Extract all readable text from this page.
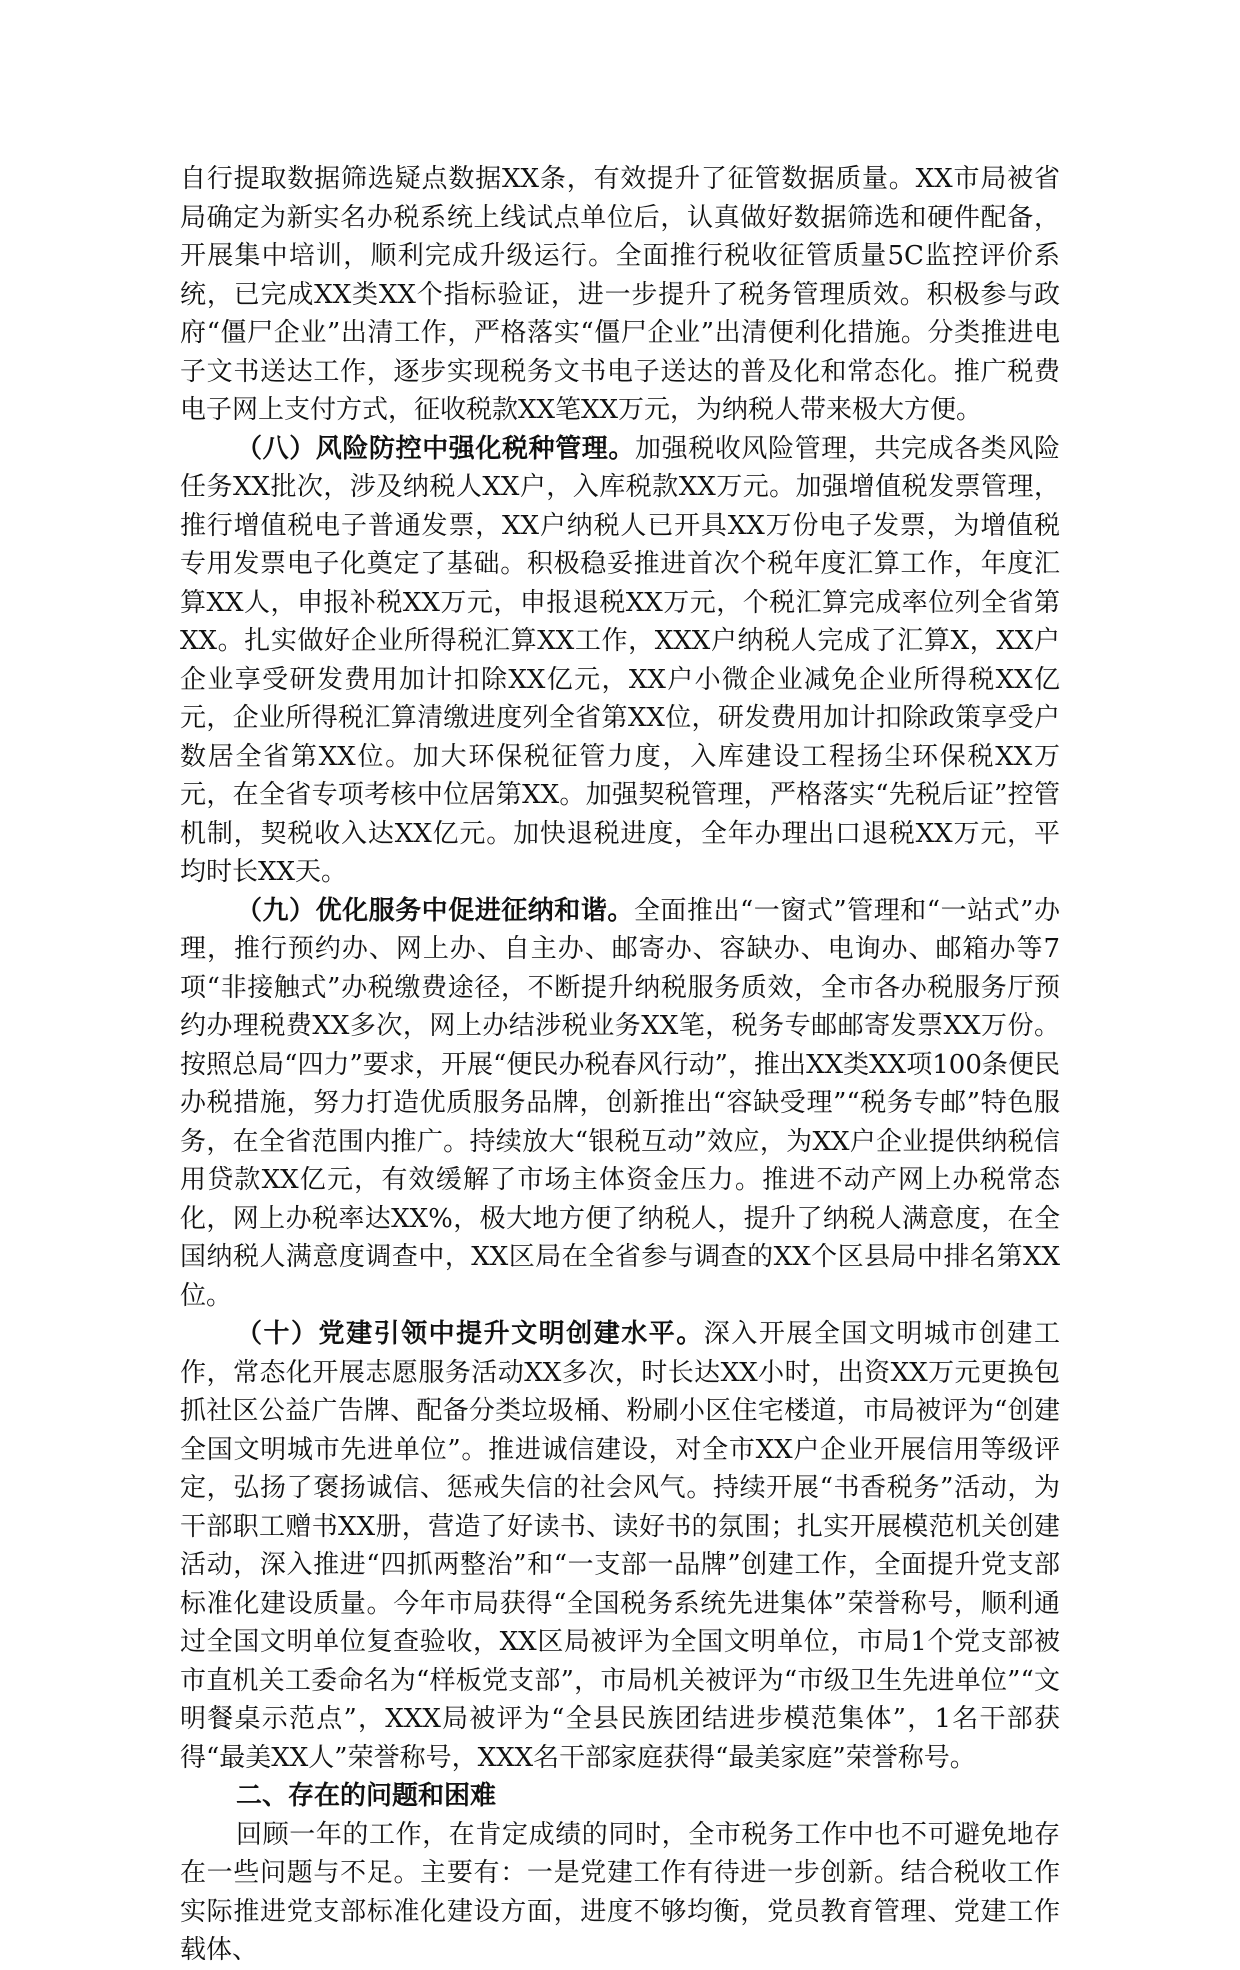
自行提取数据筛选疑点数据XX条，有效提升了征管数据质量。XX市局被省局确定为新实名办税系统上线试点单位后，认真做好数据筛选和硬件配备，开展集中培训，顺利完成升级运行。全面推行税收征管质量5C监控评价系统，已完成XX类XX个指标验证，进一步提升了税务管理质效。积极参与政府“僵尸企业”出清工作，严格落实“僵尸企业”出清便利化措施。分类推进电子文书送达工作，逐步实现税务文书电子送达的普及化和常态化。推广税费电子网上支付方式，征收税款XX笔XX万元，为纳税人带来极大方便。

（八）风险防控中强化税种管理。加强税收风险管理，共完成各类风险任务XX批次，涉及纳税人XX户，入库税款XX万元。加强增值税发票管理，推行增值税电子普通发票，XX户纳税人已开具XX万份电子发票，为增值税专用发票电子化奠定了基础。积极稳妥推进首次个税年度汇算工作，年度汇算XX人，申报补税XX万元，申报退税XX万元，个税汇算完成率位列全省第XX。扎实做好企业所得税汇算XX工作，XXX户纳税人完成了汇算X，XX户企业享受研发费用加计扣除XX亿元，XX户小微企业减免企业所得税XX亿元，企业所得税汇算清缴进度列全省第XX位，研发费用加计扣除政策享受户数居全省第XX位。加大环保税征管力度，入库建设工程扬尘环保税XX万元，在全省专项考核中位居第XX。加强契税管理，严格落实“先税后证”控管机制，契税收入达XX亿元。加快退税进度，全年办理出口退税XX万元，平均时长XX天。

（九）优化服务中促进征纳和谐。全面推出“一窗式”管理和“一站式”办理，推行预约办、网上办、自主办、邮寄办、容缺办、电询办、邮箱办等7项“非接触式”办税缴费途径，不断提升纳税服务质效，全市各办税服务厅预约办理税费XX多次，网上办结涉税业务XX笔，税务专邮邮寄发票XX万份。按照总局“四力”要求，开展“便民办税春风行动”，推出XX类XX项100条便民办税措施，努力打造优质服务品牌，创新推出“容缺受理”“税务专邮”特色服务，在全省范围内推广。持续放大“银税互动”效应，为XX户企业提供纳税信用贷款XX亿元，有效缓解了市场主体资金压力。推进不动产网上办税常态化，网上办税率达XX%，极大地方便了纳税人，提升了纳税人满意度，在全国纳税人满意度调查中，XX区局在全省参与调查的XX个区县局中排名第XX位。

（十）党建引领中提升文明创建水平。深入开展全国文明城市创建工作，常态化开展志愿服务活动XX多次，时长达XX小时，出资XX万元更换包抓社区公益广告牌、配备分类垃圾桶、粉刷小区住宅楼道，市局被评为“创建全国文明城市先进单位”。推进诚信建设，对全市XX户企业开展信用等级评定，弘扬了褒扬诚信、惩戒失信的社会风气。持续开展“书香税务”活动，为干部职工赠书XX册，营造了好读书、读好书的氛围；扎实开展模范机关创建活动，深入推进“四抓两整治”和“一支部一品牌”创建工作，全面提升党支部标准化建设质量。今年市局获得“全国税务系统先进集体”荣誉称号，顺利通过全国文明单位复查验收，XX区局被评为全国文明单位，市局1个党支部被市直机关工委命名为“样板党支部”，市局机关被评为“市级卫生先进单位”“文明餐桌示范点”，XXX局被评为“全县民族团结进步模范集体”，1名干部获得“最美XX人”荣誉称号，XXX名干部家庭获得“最美家庭”荣誉称号。

二、存在的问题和困难

回顾一年的工作，在肯定成绩的同时，全市税务工作中也不可避免地存在一些问题与不足。主要有：一是党建工作有待进一步创新。结合税收工作实际推进党支部标准化建设方面，进度不够均衡，党员教育管理、党建工作载体、
